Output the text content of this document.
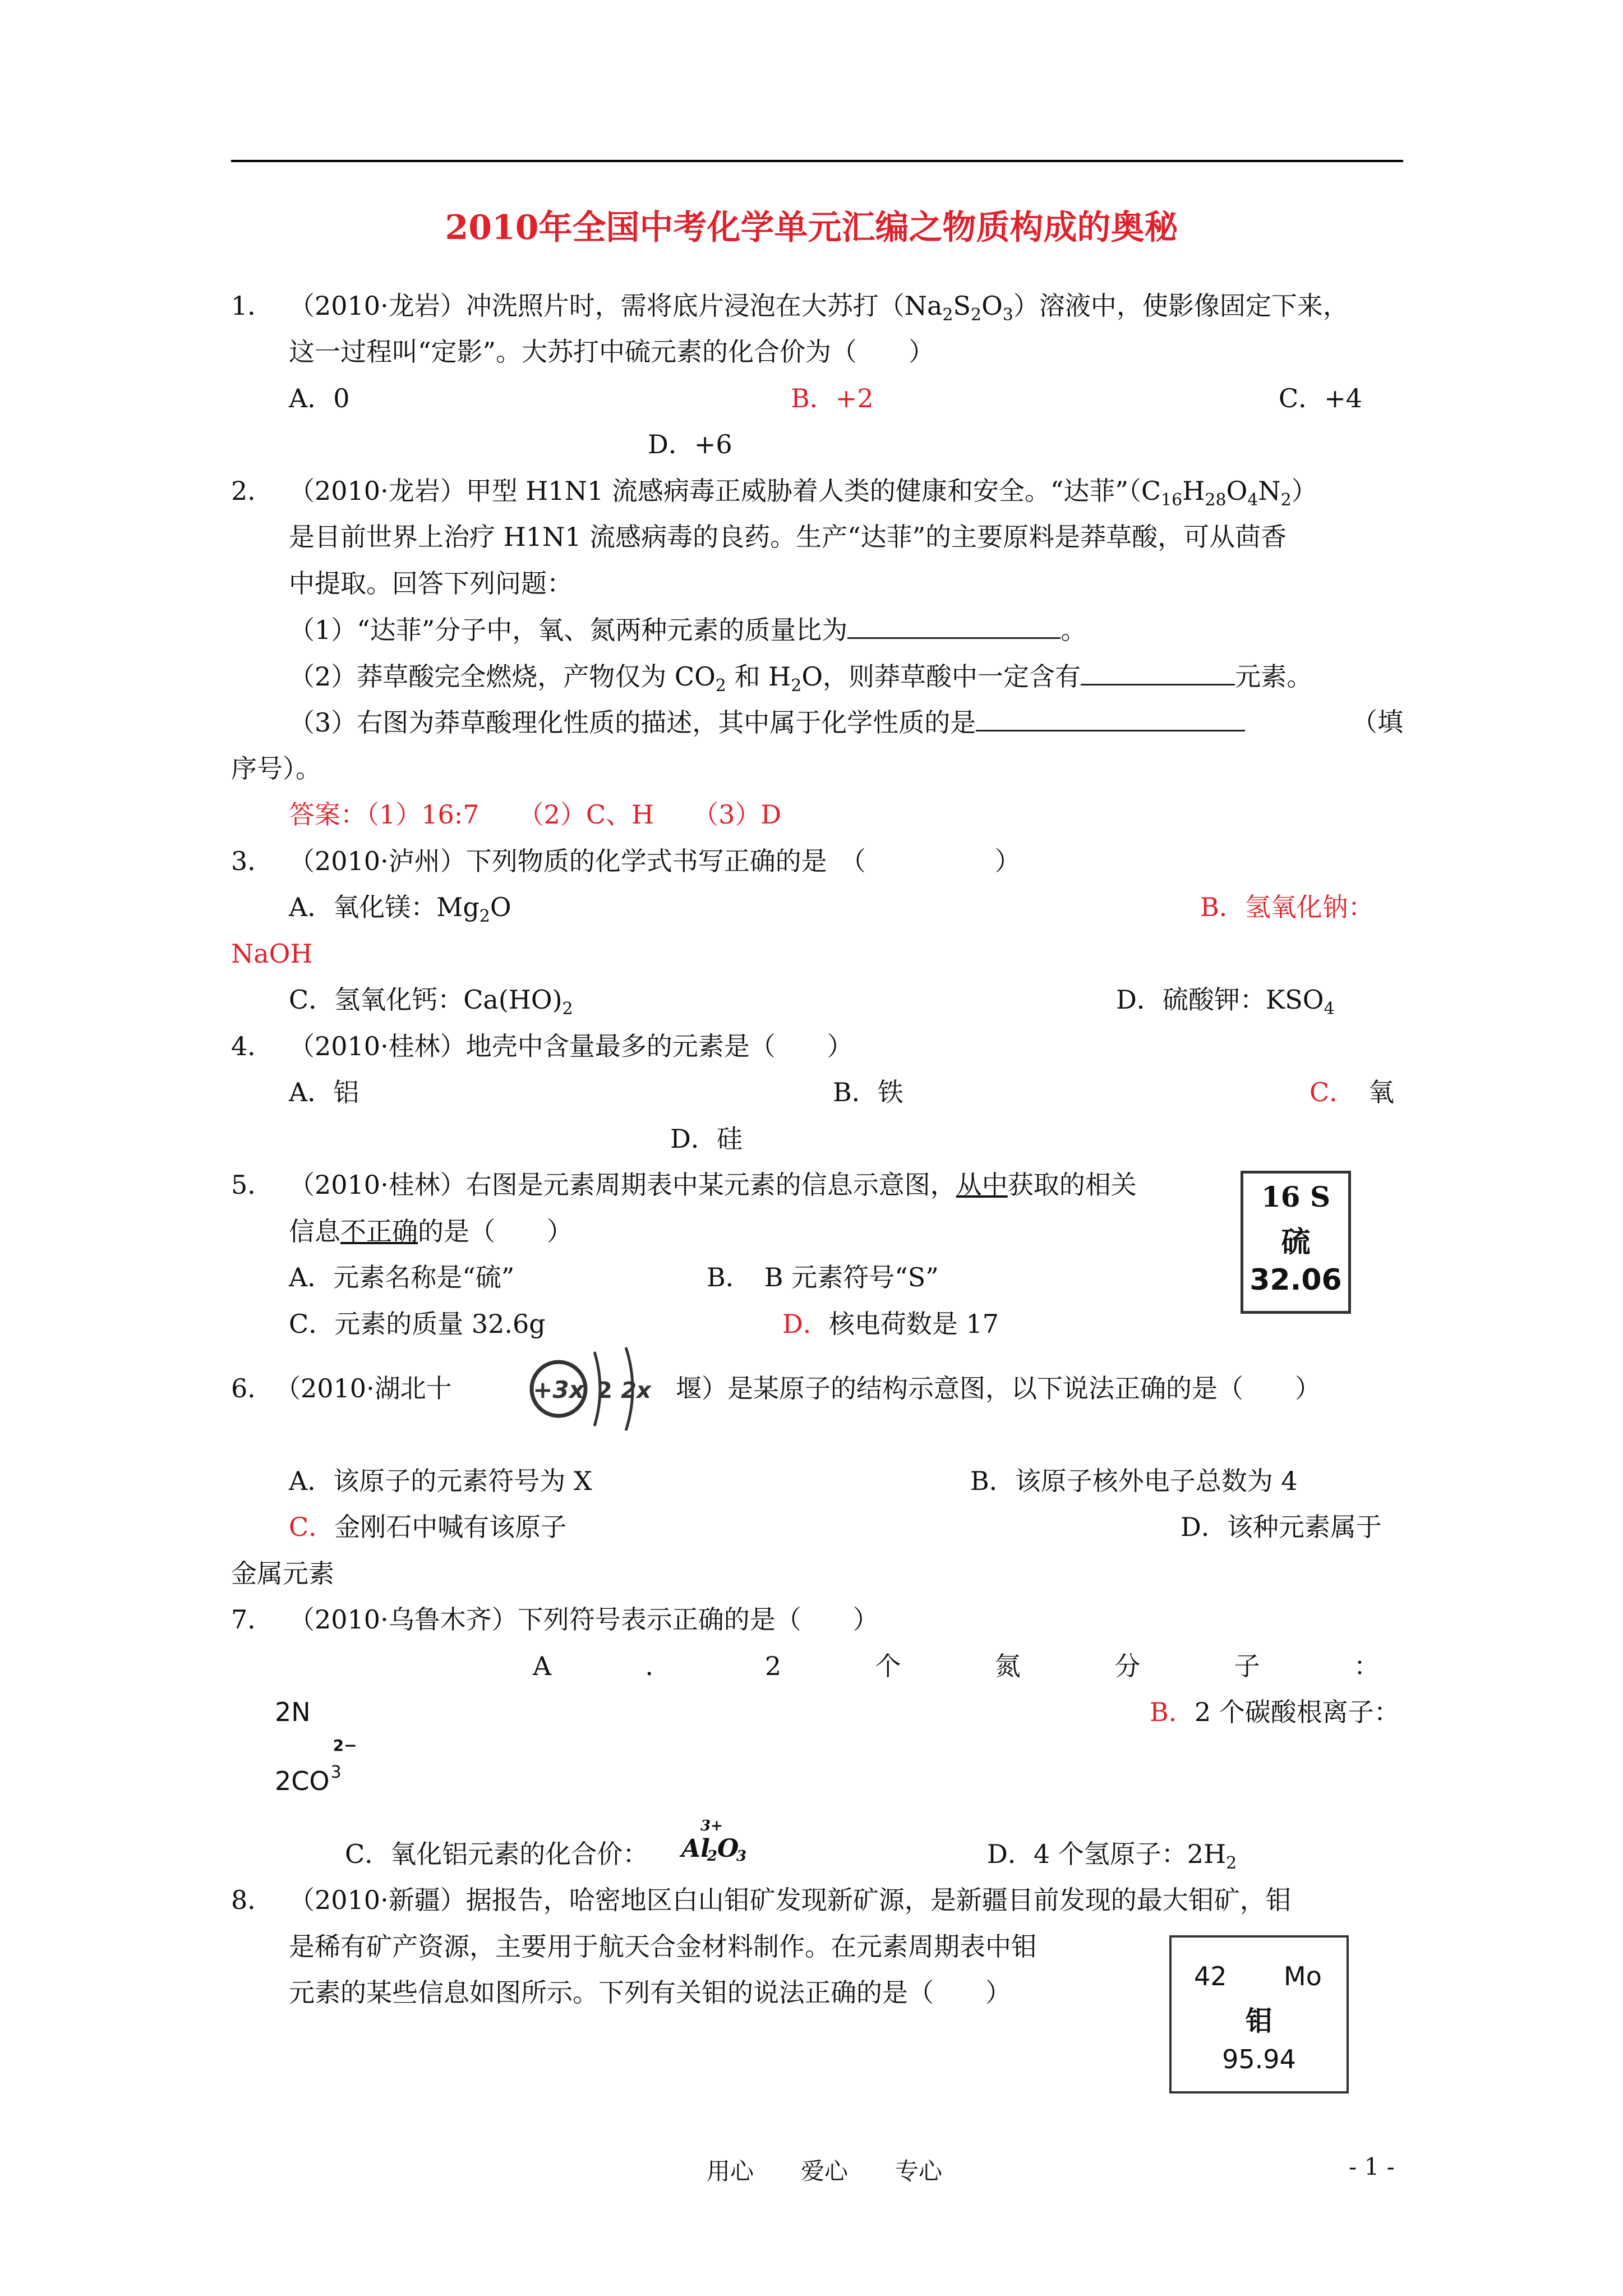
2010年全国中考化学单元汇编之物质构成的奥秘
1． （2010·龙岩）冲洗照片时，需将底片浸泡在大苏打$(Na_2S_2O_3)$溶液中，使影像固定下来，
这一过程叫“定影”。大苏打中硫元素的化合价为（　　）
A．0	B．+2	C．+4
D．+6
2． （2010·龙岩）甲型 H1N1 流感病毒正威胁着人类的健康和安全。“达菲$”(C_{16}H_{28}O_4N_2)$
是目前世界上治疗 H1N1 流感病毒的良药。生产“达菲”的主要原料是莽草酸，可从茴香
中提取。回答下列问题：
（1）“达菲”分子中，氧、氮两种元素的质量比为	。
（2）莽草酸完全燃烧，产物仅为 $CO_2$ 和 $H_2O$，则莽草酸中一定含有	元素。
（3）右图为莽草酸理化性质的描述，其中属于化学性质的是	（填
序号）。
答案：（1）16:7　　（2）C、H　　（3）D
3． （2010·泸州）下列物质的化学式书写正确的是　（　　　　　）
A．氧化镁：$Mg_2O$	B．氢氧化钠：
NaOH
C．氢氧化钙：$Ca(HO)_2$	D．硫酸钾：$KSO_4$
4． （2010·桂林）地壳中含量最多的元素是（　　）
A．铝	B．铁	C． 氧
D．硅
5． （2010·桂林）右图是元素周期表中某元素的信息示意图，从中获取的相关
信息不正确的是（　　）
A．元素名称是“硫”	B．　B 元素符号“S”
C．元素的质量 32.6g	D．核电荷数是 17
16 S
硫
32.06
6． （2010·湖北十	+3x 2 2x 堰）是某原子的结构示意图，以下说法正确的是（　　）
A．该原子的元素符号为 X	B．该原子核外电子总数为 4
C．金刚石中喊有该原子	D．该种元素属于
金属元素
7． （2010·乌鲁木齐）下列符号表示正确的是（　　）
A	．	2	个	氮	分	子	：
2N	B．2 个碳酸根离子：
2CO 3
2−
C．氧化铝元素的化合价：
3+
Al
2 O
3	D．4 个氢原子：$2H_2$
8． （2010·新疆）据报告，哈密地区白山钼矿发现新矿源，是新疆目前发现的最大钼矿，钼
是稀有矿产资源，主要用于航天合金材料制作。在元素周期表中钼
元素的某些信息如图所示。下列有关钼的说法正确的是（　　）
42 Mo
钼
95.94
用心　　爱心　　专心	- 1 -
